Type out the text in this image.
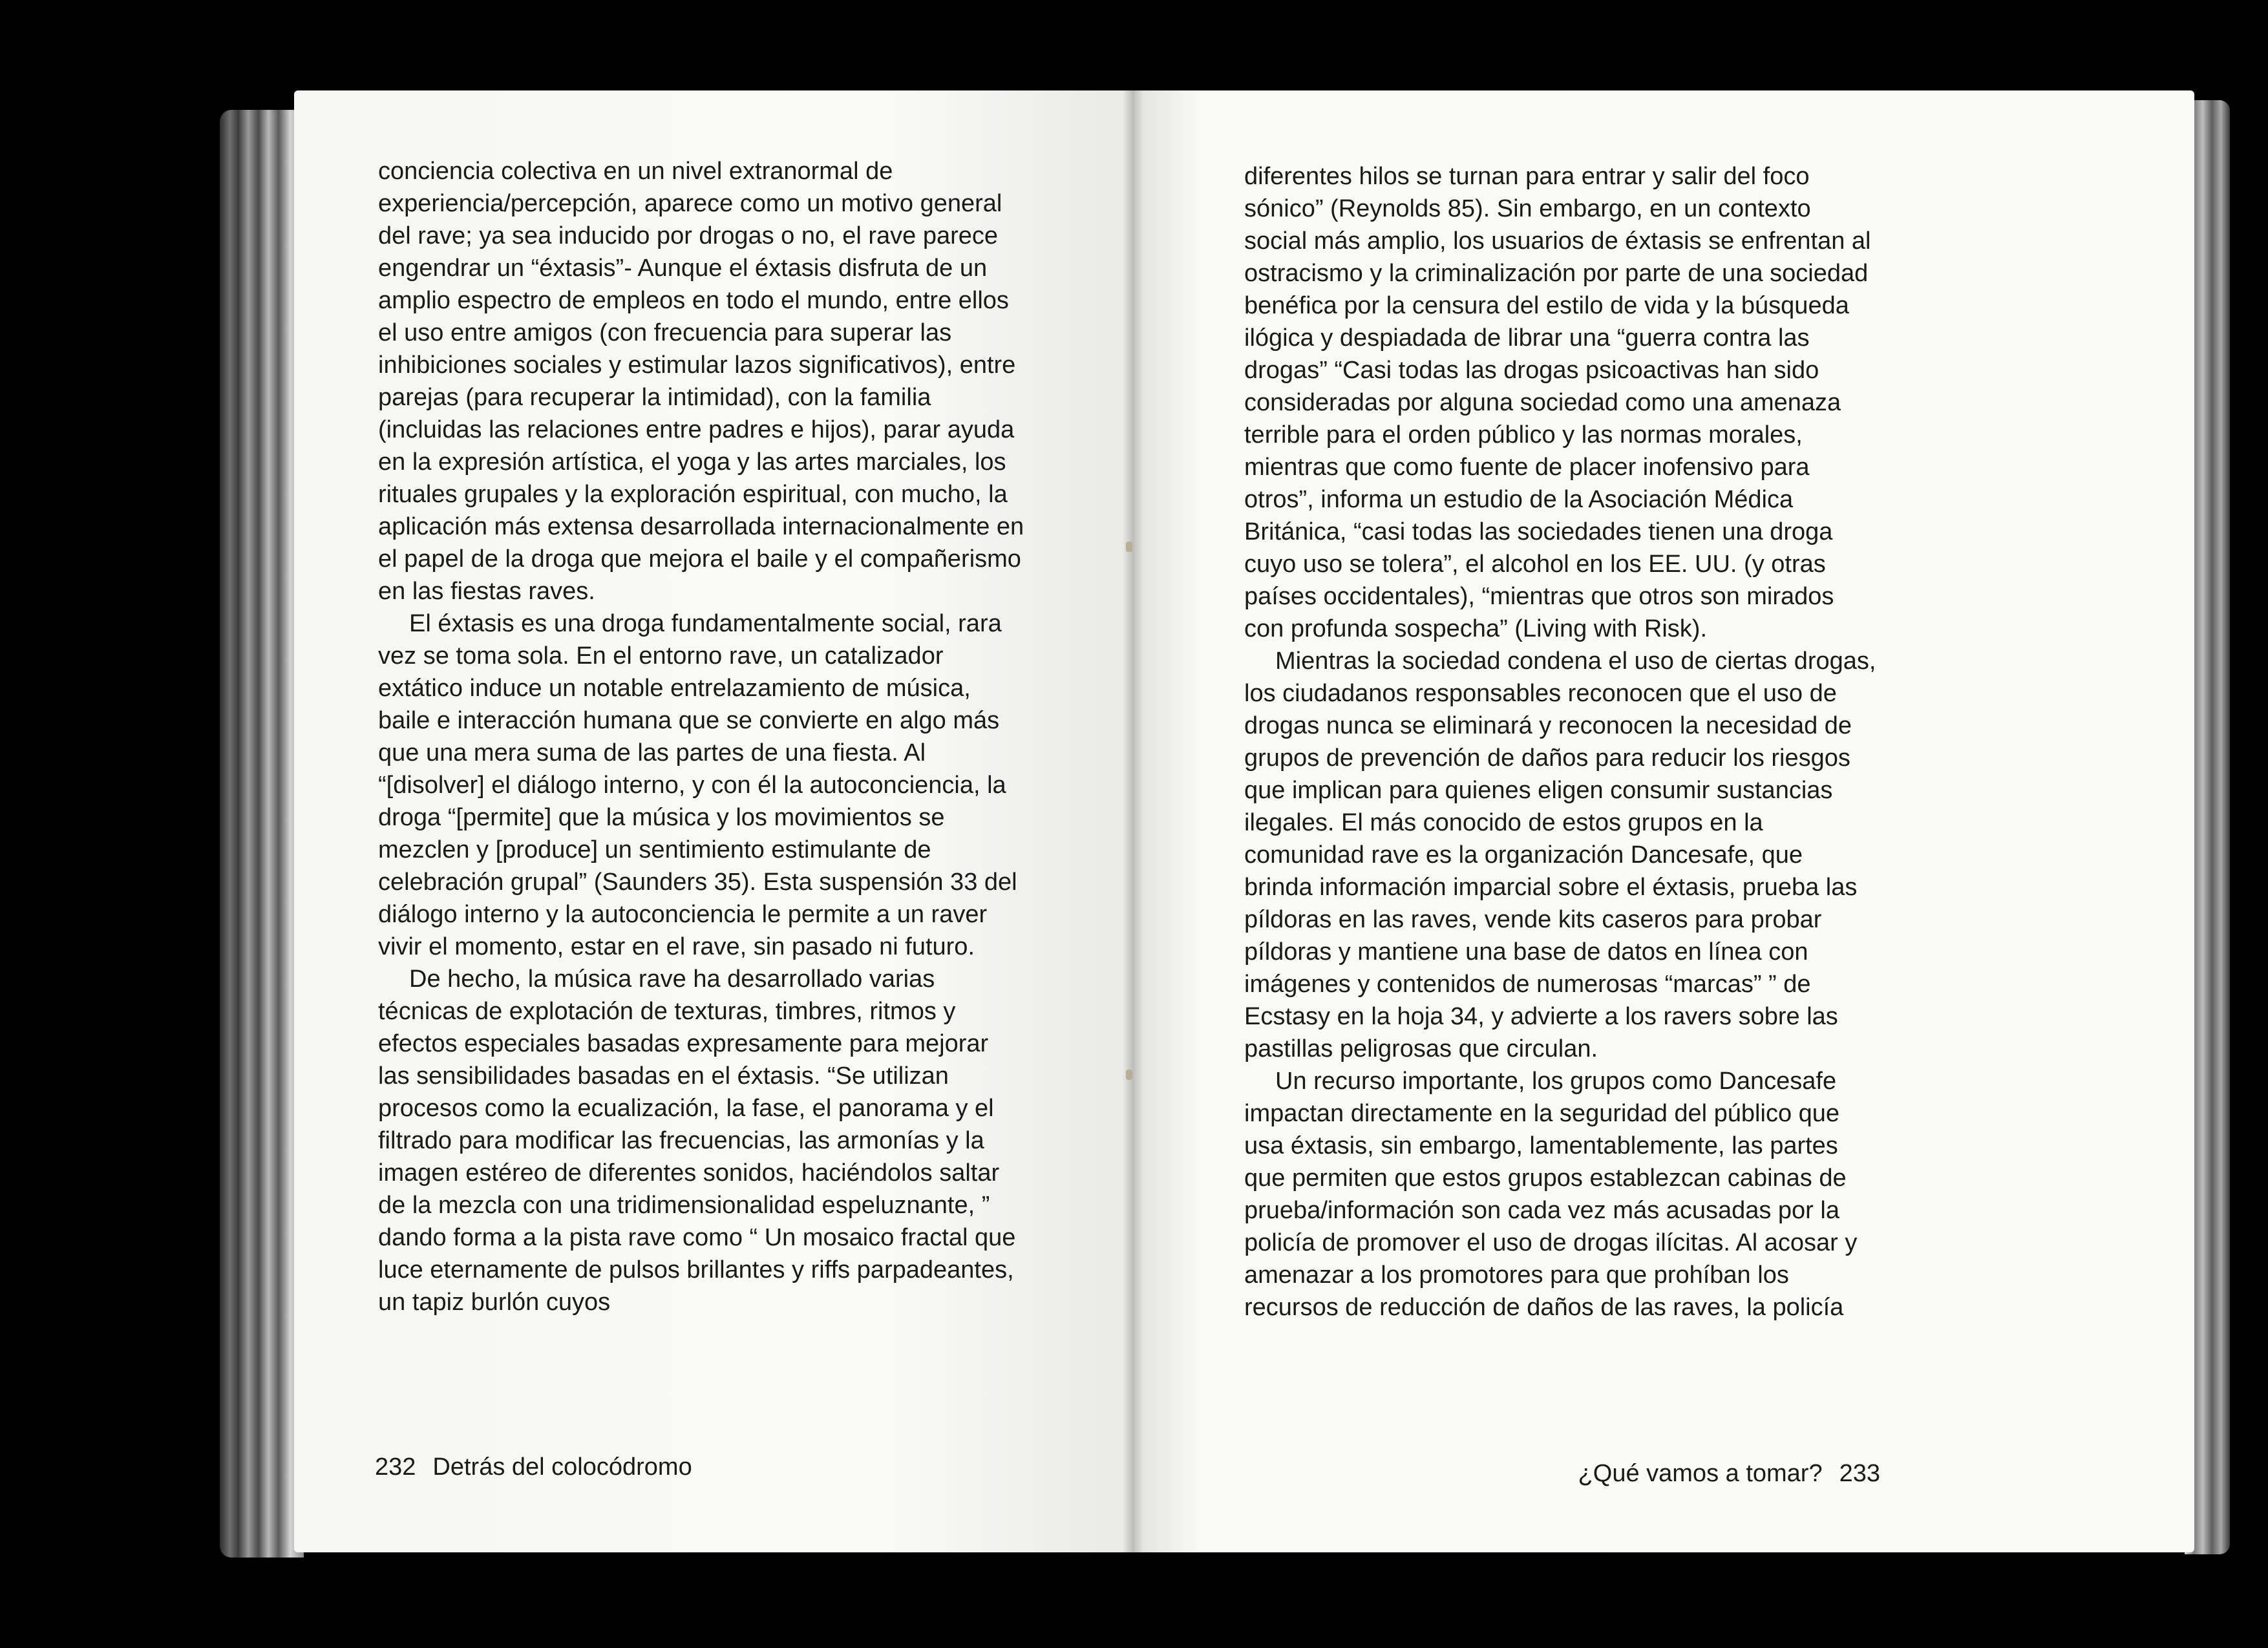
conciencia colectiva en un nivel extranormal de experiencia/percepción, aparece como un motivo general del rave; ya sea inducido por drogas o no, el rave parece engendrar un “éxtasis”- Aunque el éxtasis disfruta de un amplio espectro de empleos en todo el mundo, entre ellos el uso entre amigos (con frecuencia para superar las inhibiciones sociales y estimular lazos significativos), entre parejas (para recuperar la intimidad), con la familia (incluidas las relaciones entre padres e hijos), parar ayuda en la expresión artística, el yoga y las artes marciales, los rituales grupales y la exploración espiritual, con mucho, la aplicación más extensa desarrollada internacionalmente en el papel de la droga que mejora el baile y el compañerismo en las fiestas raves.

El éxtasis es una droga fundamentalmente social, rara vez se toma sola. En el entorno rave, un catalizador extático induce un notable entrelazamiento de música, baile e interacción humana que se convierte en algo más que una mera suma de las partes de una fiesta. Al “[disolver] el diálogo interno, y con él la autoconciencia, la droga “[permite] que la música y los movimientos se mezclen y [produce] un sentimiento estimulante de celebración grupal” (Saunders 35). Esta suspensión 33 del diálogo interno y la autoconciencia le permite a un raver vivir el momento, estar en el rave, sin pasado ni futuro.

De hecho, la música rave ha desarrollado varias técnicas de explotación de texturas, timbres, ritmos y efectos especiales basadas expresamente para mejorar las sensibilidades basadas en el éxtasis. “Se utilizan procesos como la ecualización, la fase, el panorama y el filtrado para modificar las frecuencias, las armonías y la imagen estéreo de diferentes sonidos, haciéndolos saltar de la mezcla con una tridimensionalidad espeluznante, ” dando forma a la pista rave como “ Un mosaico fractal que luce eternamente de pulsos brillantes y riffs parpadeantes, un tapiz burlón cuyos

diferentes hilos se turnan para entrar y salir del foco sónico” (Reynolds 85). Sin embargo, en un contexto social más amplio, los usuarios de éxtasis se enfrentan al ostracismo y la criminalización por parte de una sociedad benéfica por la censura del estilo de vida y la búsqueda ilógica y despiadada de librar una “guerra contra las drogas” “Casi todas las drogas psicoactivas han sido consideradas por alguna sociedad como una amenaza terrible para el orden público y las normas morales, mientras que como fuente de placer inofensivo para otros”, informa un estudio de la Asociación Médica Británica, “casi todas las sociedades tienen una droga cuyo uso se tolera”, el alcohol en los EE. UU. (y otras países occidentales), “mientras que otros son mirados con profunda sospecha” (Living with Risk).

Mientras la sociedad condena el uso de ciertas drogas, los ciudadanos responsables reconocen que el uso de drogas nunca se eliminará y reconocen la necesidad de grupos de prevención de daños para reducir los riesgos que implican para quienes eligen consumir sustancias ilegales. El más conocido de estos grupos en la comunidad rave es la organización Dancesafe, que brinda información imparcial sobre el éxtasis, prueba las píldoras en las raves, vende kits caseros para probar píldoras y mantiene una base de datos en línea con imágenes y contenidos de numerosas “marcas” ” de Ecstasy en la hoja 34, y advierte a los ravers sobre las pastillas peligrosas que circulan.

Un recurso importante, los grupos como Dancesafe impactan directamente en la seguridad del público que usa éxtasis, sin embargo, lamentablemente, las partes que permiten que estos grupos establezcan cabinas de prueba/información son cada vez más acusadas por la policía de promover el uso de drogas ilícitas. Al acosar y amenazar a los promotores para que prohíban los recursos de reducción de daños de las raves, la policía

232 Detrás del colocódromo	¿Qué vamos a tomar? 233
